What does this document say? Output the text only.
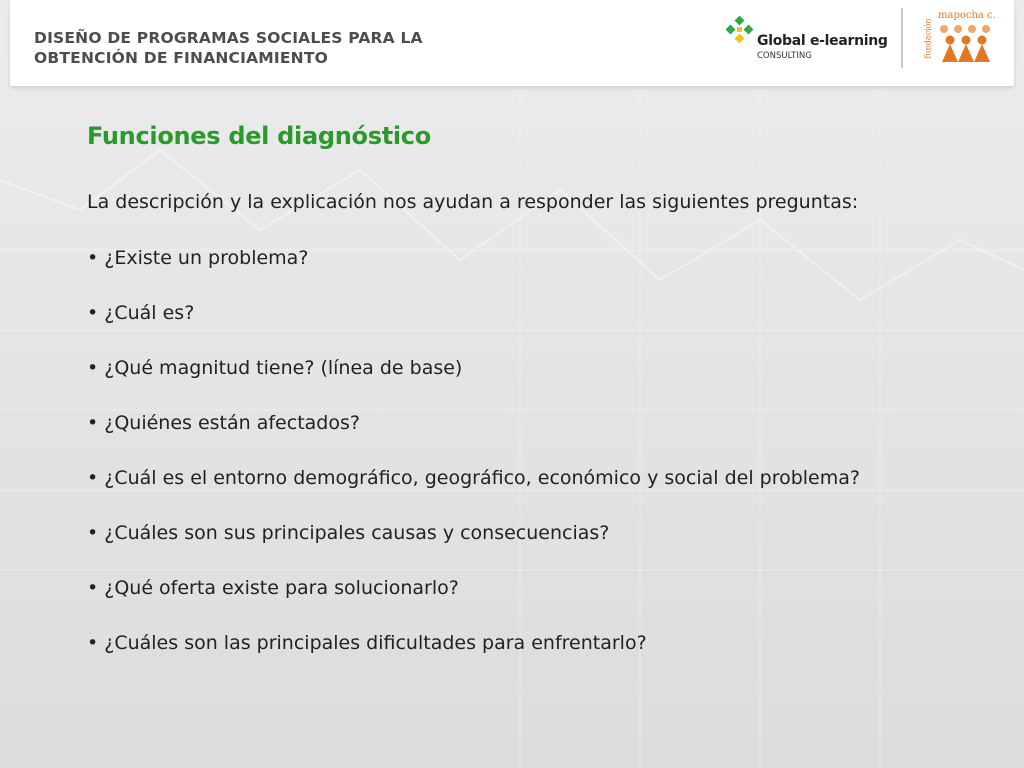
DISEÑO DE PROGRAMAS SOCIALES PARA LA
OBTENCIÓN DE FINANCIAMIENTO
Global e-learning
CONSULTING	fundación
mapocha c.
Funciones del diagnóstico

La descripción y la explicación nos ayudan a responder las siguientes preguntas:

• ¿Existe un problema?
• ¿Cuál es?
• ¿Qué magnitud tiene? (línea de base)
• ¿Quiénes están afectados?
• ¿Cuál es el entorno demográfico, geográfico, económico y social del problema?
• ¿Cuáles son sus principales causas y consecuencias?
• ¿Qué oferta existe para solucionarlo?
• ¿Cuáles son las principales dificultades para enfrentarlo?
